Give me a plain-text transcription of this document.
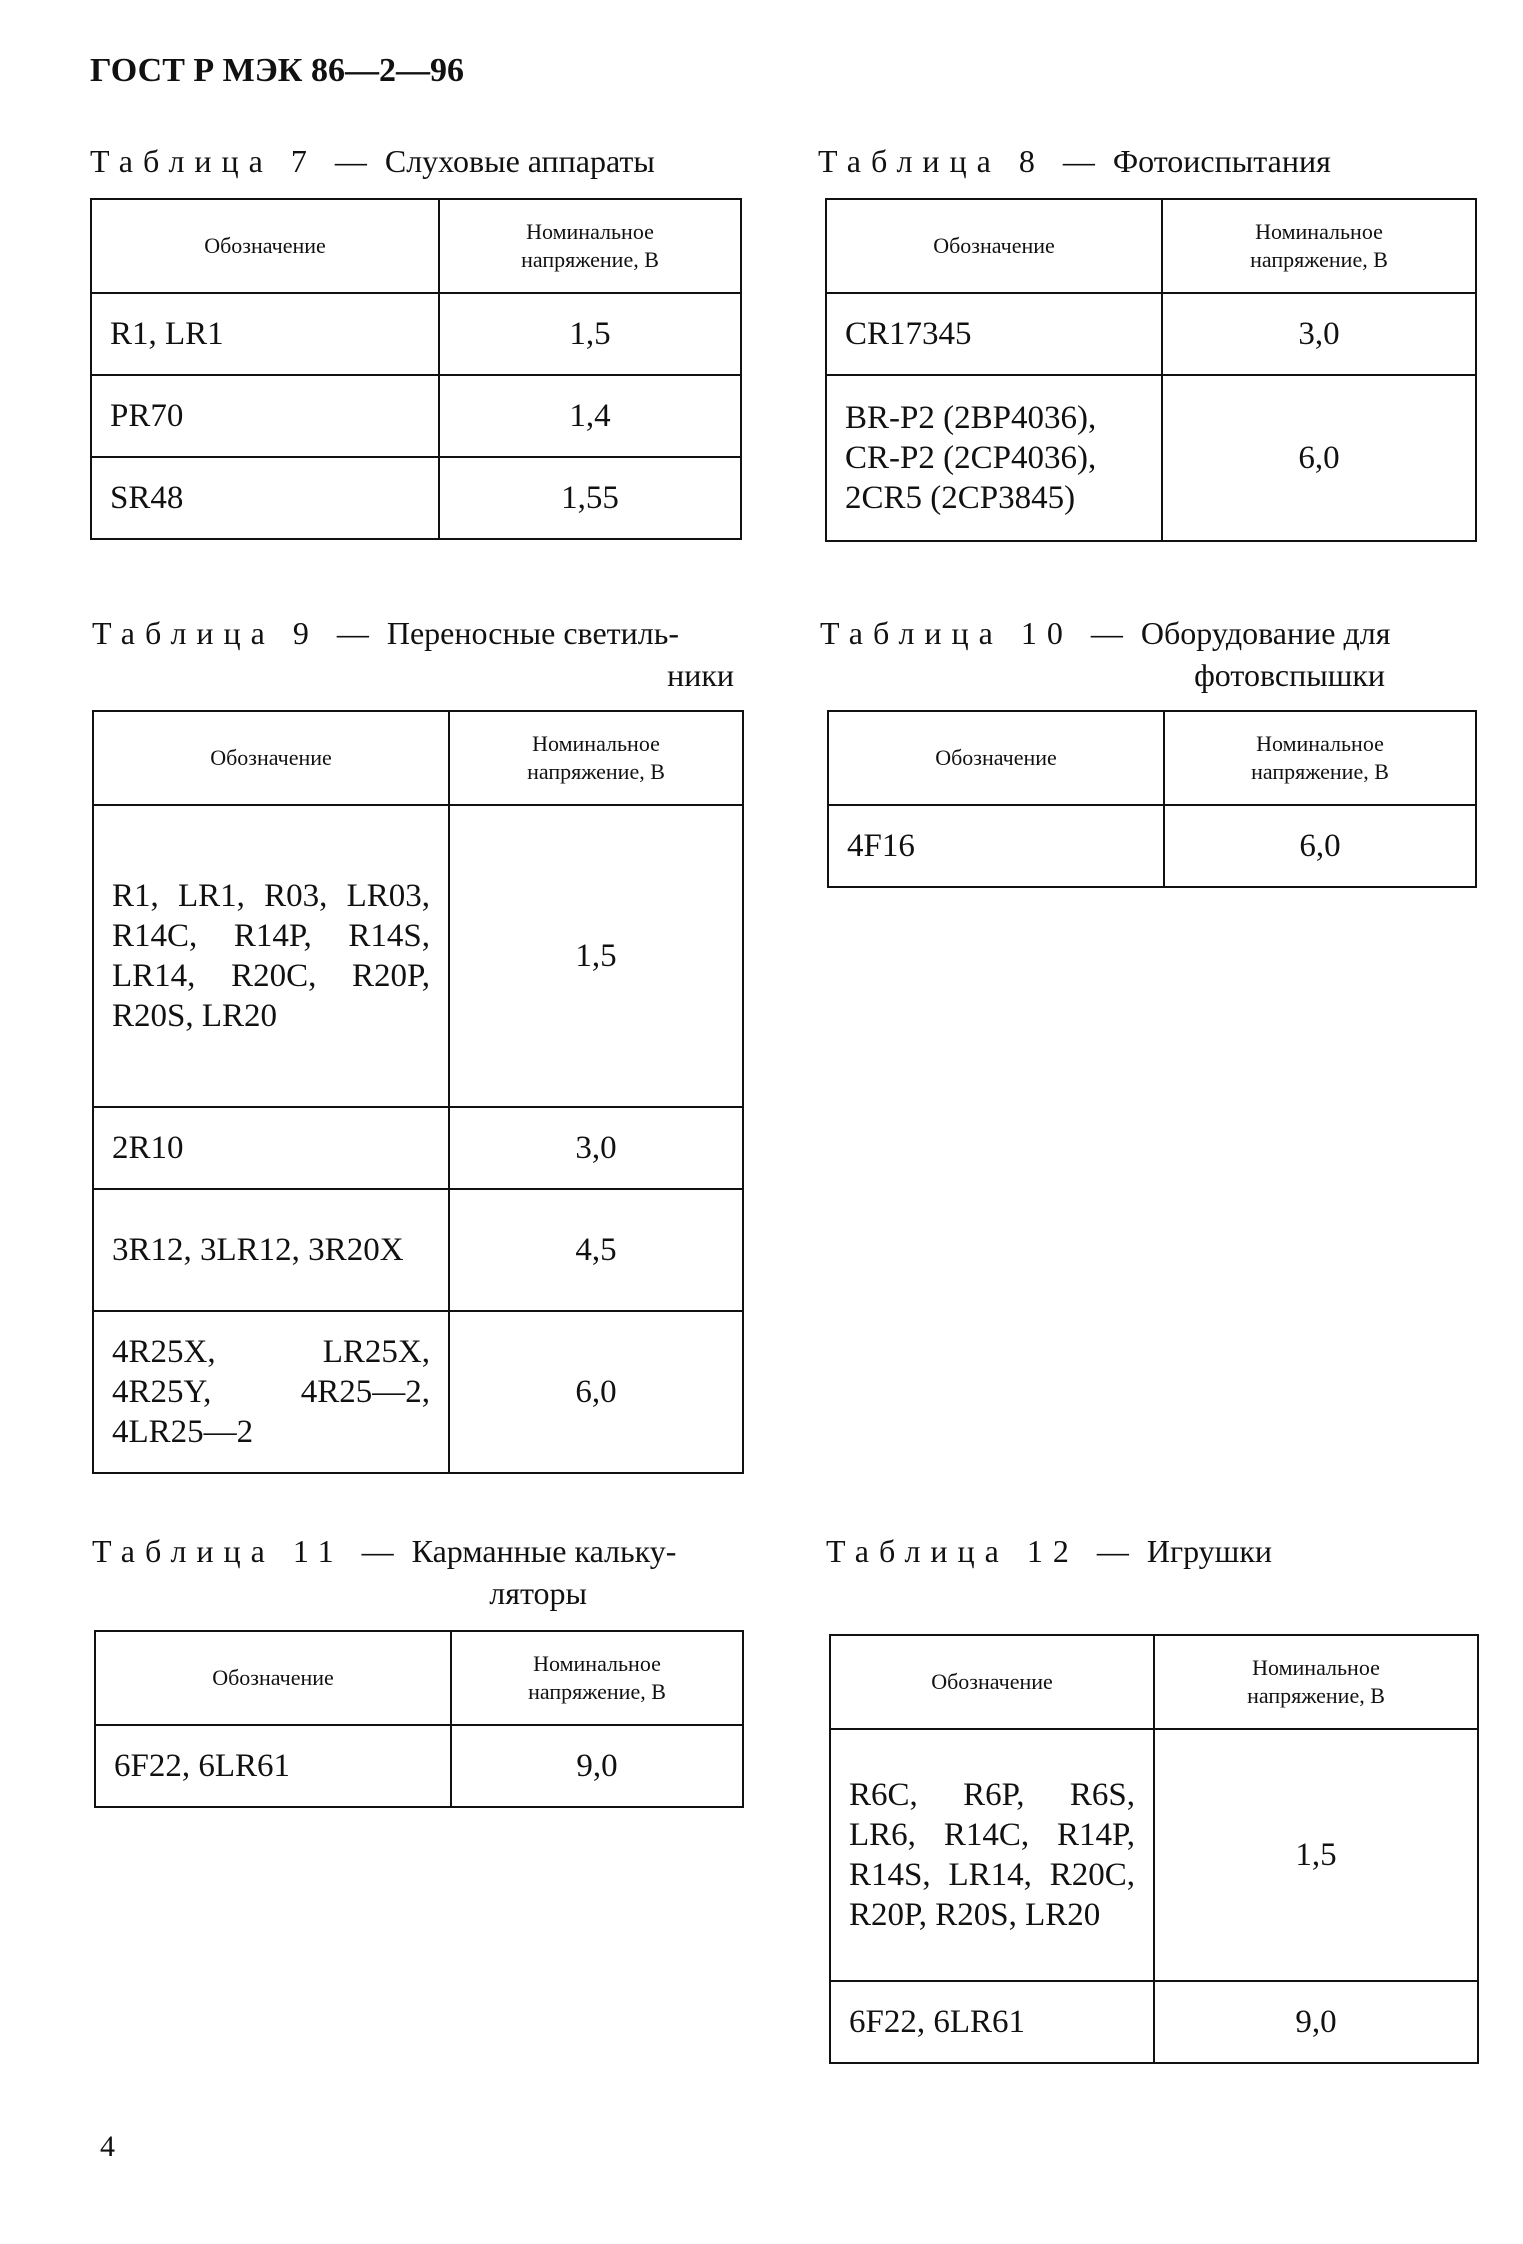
ГОСТ Р МЭК 86—2—96
Таблица 7 — Слуховые аппараты
Обозначение	Номинальное
напряжение, В
R1, LR1	1,5
PR70	1,4
SR48	1,55
Таблица 8 — Фотоиспытания
Обозначение	Номинальное
напряжение, В
CR17345	3,0
BR-P2 (2BP4036), CR-P2 (2CP4036), 2CR5 (2CP3845)	6,0
Таблица 9 — Переносные светиль-
ники
Обозначение	Номинальное
напряжение, В
R1, LR1, R03, LR03, R14C, R14P, R14S, LR14, R20C, R20P, R20S, LR20	1,5
2R10	3,0
3R12, 3LR12, 3R20X	4,5
4R25X, LR25X, 4R25Y, 4R25—2, 4LR25—2	6,0
Таблица 10 — Оборудование для
фотовспышки
Обозначение	Номинальное
напряжение, В
4F16	6,0
Таблица 11 — Карманные кальку-
ляторы
Обозначение	Номинальное
напряжение, В
6F22, 6LR61	9,0
Таблица 12 — Игрушки
Обозначение	Номинальное
напряжение, В
R6C, R6P, R6S, LR6, R14C, R14P, R14S, LR14, R20C, R20P, R20S, LR20	1,5
6F22, 6LR61	9,0
4
